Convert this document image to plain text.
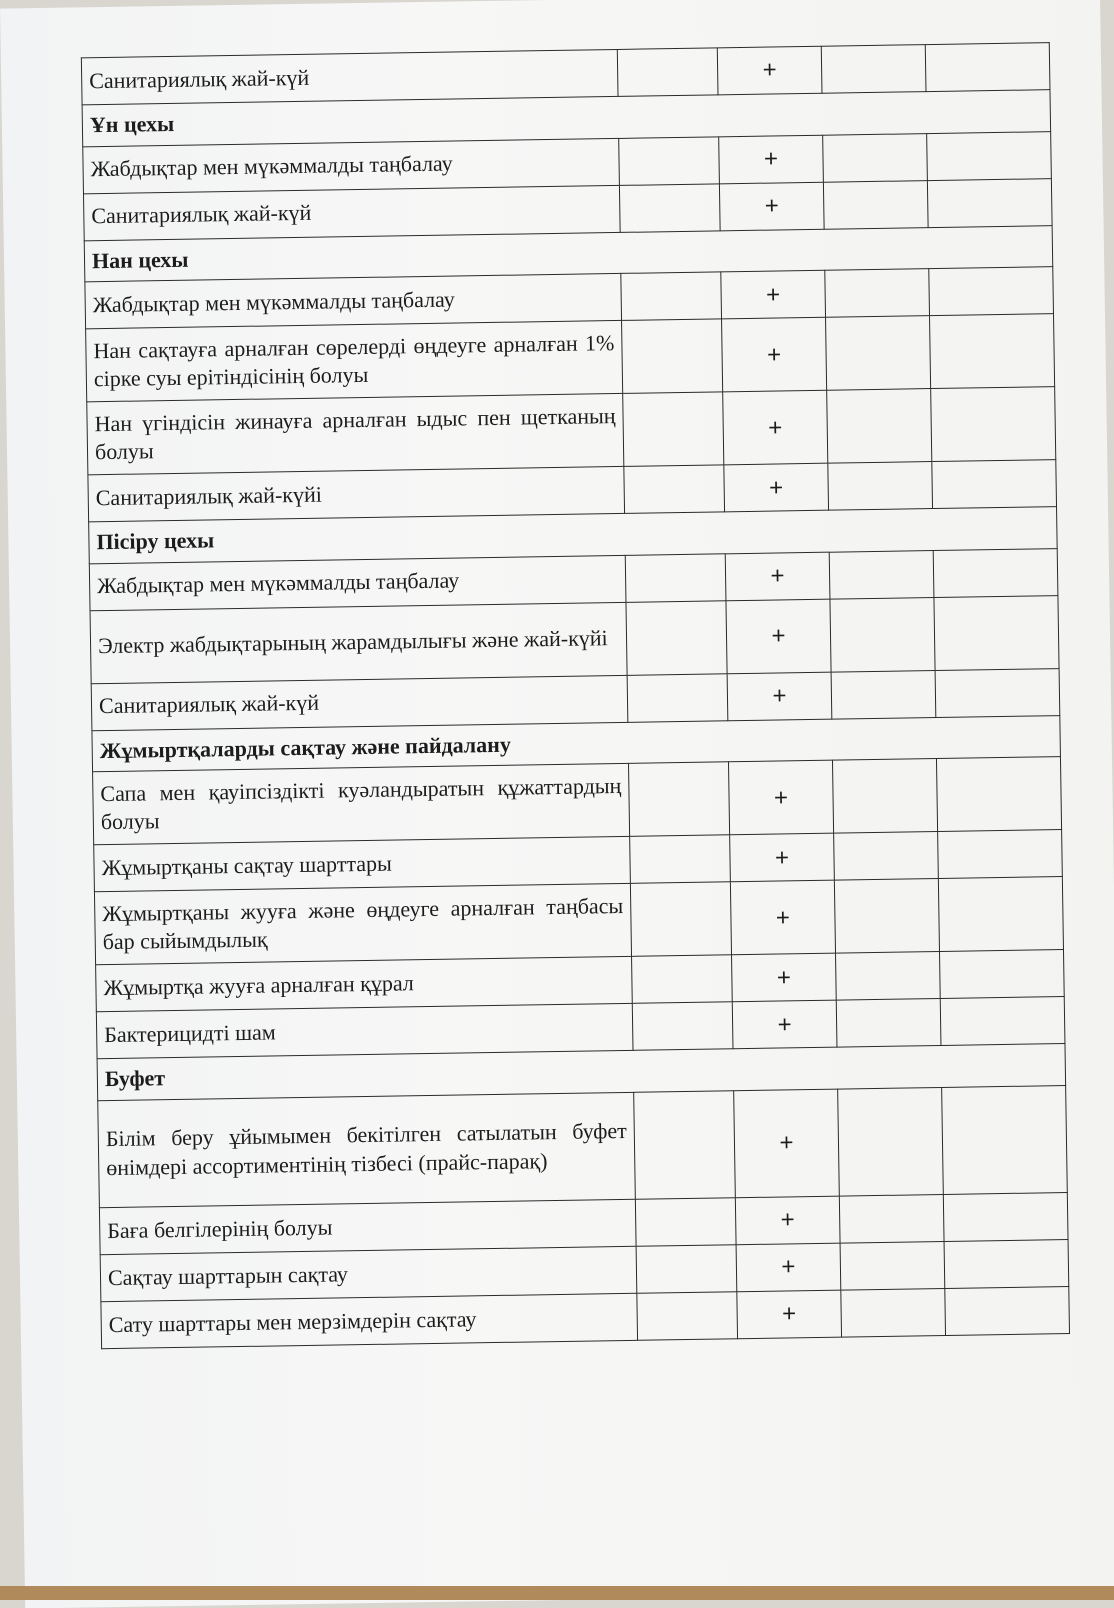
Санитариялық жай-күй		+		
Ұн цехы				
Жабдықтар мен мүкәммалды таңбалау		+		
Санитариялық жай-күй		+		
Нан цехы				
Жабдықтар мен мүкәммалды таңбалау		+		
Нан сақтауға арналған сөрелерді өңдеуге арналған 1% сірке суы ерітіндісінің болуы		+		
Нан үгіндісін жинауға арналған ыдыс пен щетканың болуы		+		
Санитариялық жай-күйі		+		
Пісіру цехы				
Жабдықтар мен мүкәммалды таңбалау		+		
Электр жабдықтарының жарамдылығы және жай-күйі		+		
Санитариялық жай-күй		+		
Жұмыртқаларды сақтау және пайдалану				
Сапа мен қауіпсіздікті куәландыратын құжаттардың болуы		+		
Жұмыртқаны сақтау шарттары		+		
Жұмыртқаны жууға және өңдеуге арналған таңбасы бар сыйымдылық		+		
Жұмыртқа жууға арналған құрал		+		
Бактерицидті шам		+		
Буфет				
Білім беру ұйымымен бекітілген сатылатын буфет өнімдері ассортиментінің тізбесі (прайс-парақ)		+		
Баға белгілерінің болуы		+		
Сақтау шарттарын сақтау		+		
Сату шарттары мен мерзімдерін сақтау		+		
